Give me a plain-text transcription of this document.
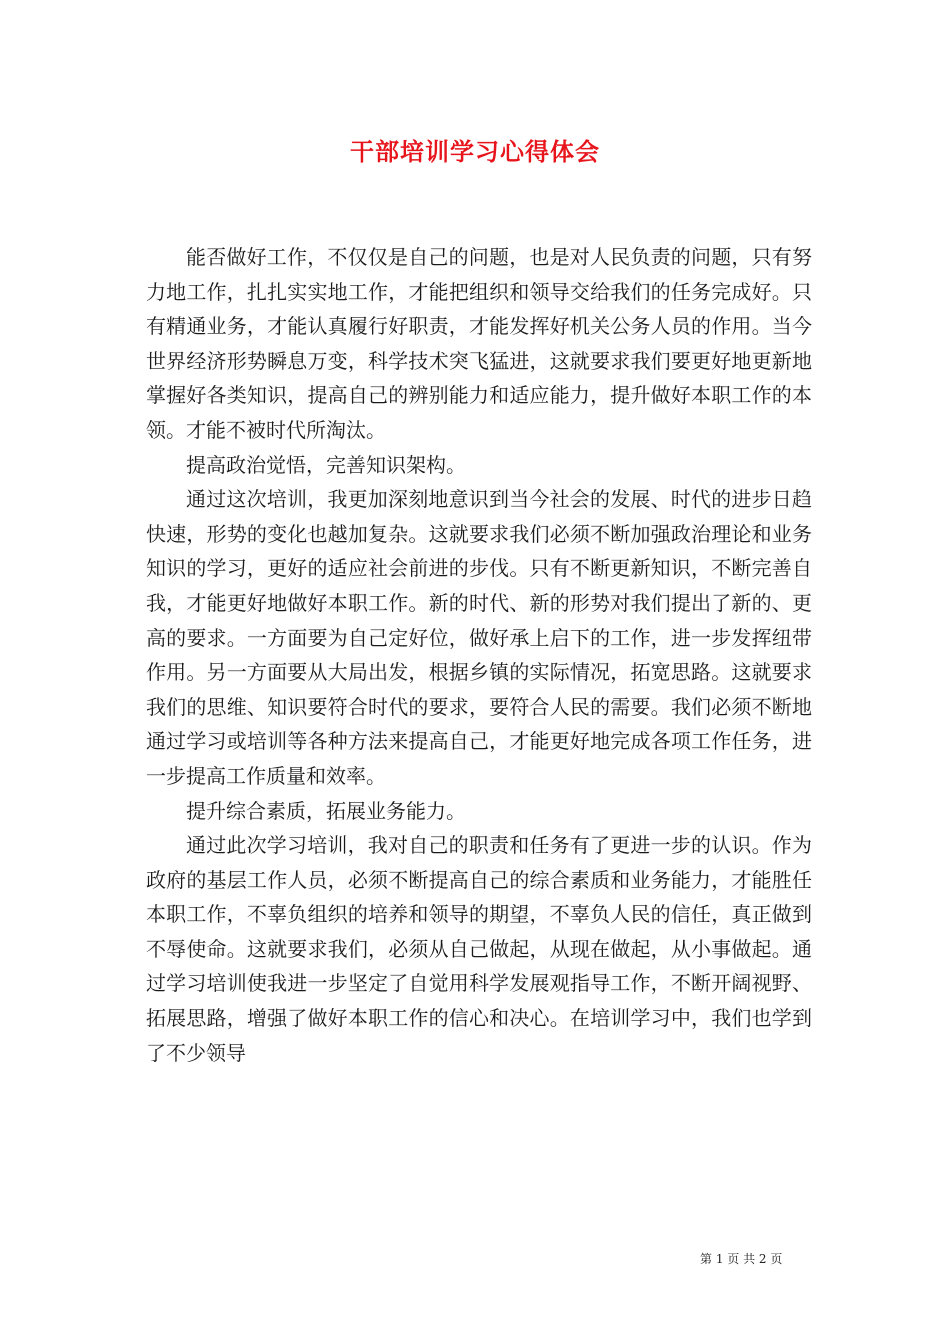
干部培训学习心得体会

能否做好工作，不仅仅是自己的问题，也是对人民负责的问题，只有努力地工作，扎扎实实地工作，才能把组织和领导交给我们的任务完成好。只有精通业务，才能认真履行好职责，才能发挥好机关公务人员的作用。当今世界经济形势瞬息万变，科学技术突飞猛进，这就要求我们要更好地更新地掌握好各类知识，提高自己的辨别能力和适应能力，提升做好本职工作的本领。才能不被时代所淘汰。

提高政治觉悟，完善知识架构。

通过这次培训，我更加深刻地意识到当今社会的发展、时代的进步日趋快速，形势的变化也越加复杂。这就要求我们必须不断加强政治理论和业务知识的学习，更好的适应社会前进的步伐。只有不断更新知识，不断完善自我，才能更好地做好本职工作。新的时代、新的形势对我们提出了新的、更高的要求。一方面要为自己定好位，做好承上启下的工作，进一步发挥纽带作用。另一方面要从大局出发，根据乡镇的实际情况，拓宽思路。这就要求我们的思维、知识要符合时代的要求，要符合人民的需要。我们必须不断地通过学习或培训等各种方法来提高自己，才能更好地完成各项工作任务，进一步提高工作质量和效率。

提升综合素质，拓展业务能力。

通过此次学习培训，我对自己的职责和任务有了更进一步的认识。作为政府的基层工作人员，必须不断提高自己的综合素质和业务能力，才能胜任本职工作，不辜负组织的培养和领导的期望，不辜负人民的信任，真正做到不辱使命。这就要求我们，必须从自己做起，从现在做起，从小事做起。通过学习培训使我进一步坚定了自觉用科学发展观指导工作，不断开阔视野、拓展思路，增强了做好本职工作的信心和决心。在培训学习中，我们也学到了不少领导

第 1 页 共 2 页
